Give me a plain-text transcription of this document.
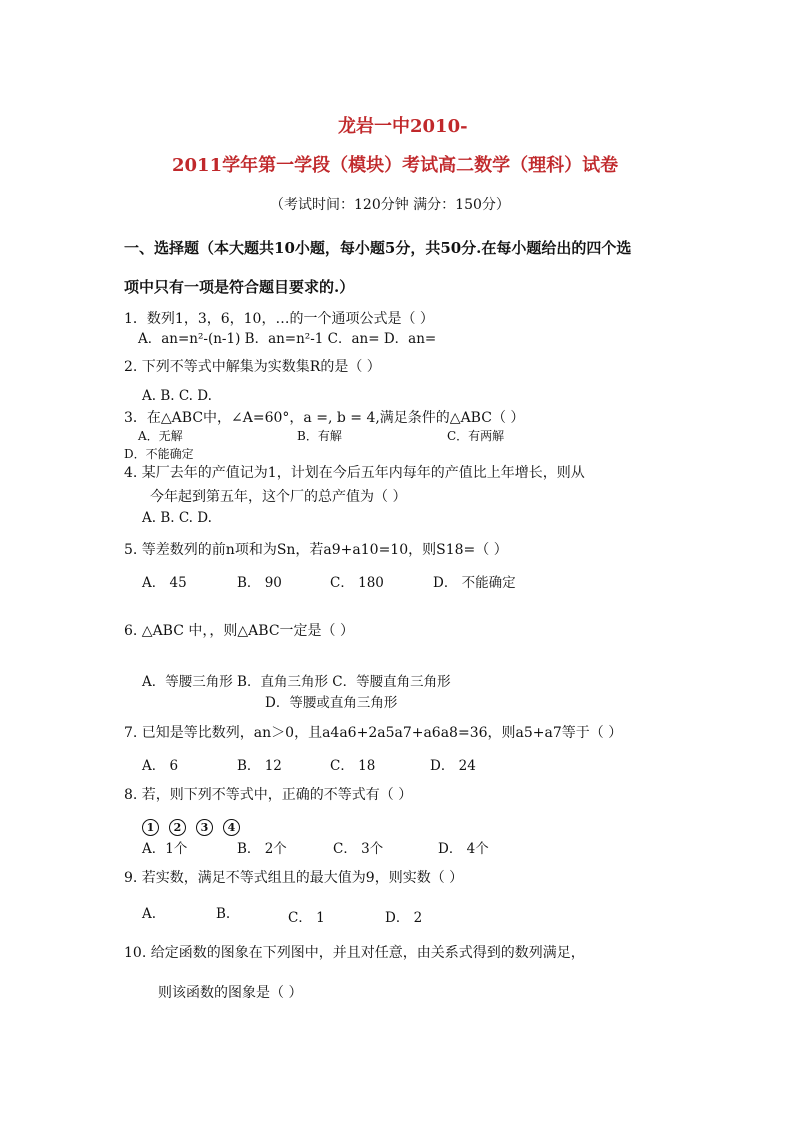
龙岩一中2010-
2011学年第一学段（模块）考试高二数学（理科）试卷
（考试时间：120分钟 满分：150分）
一、选择题（本大题共10小题，每小题5分，共50分.在每小题给出的四个选
项中只有一项是符合题目要求的.）
1．数列1，3，6，10，…的一个通项公式是（ ）
A．an=n²-(n-1) B．an=n²-1 C．an= D．an=
2. 下列不等式中解集为实数集R的是（ ）
A. B. C. D.
3．在△ABC中，∠A=60°，a =, b = 4,满足条件的△ABC（ ）
A．无解	B．有解	C．有两解
D．不能确定
4. 某厂去年的产值记为1，计划在今后五年内每年的产值比上年增长，则从
今年起到第五年，这个厂的总产值为（ ）
A. B. C. D.
5. 等差数列的前n项和为Sn，若a9+a10=10，则S18=（ ）
A． 45	B． 90	C． 180	D． 不能确定
6. △ABC 中，，则△ABC一定是（ ）
A．等腰三角形 B．直角三角形 C．等腰直角三角形
D．等腰或直角三角形
7. 已知是等比数列，an＞0，且a4a6+2a5a7+a6a8=36，则a5+a7等于（ ）
A． 6	B． 12	C． 18	D． 24
8. 若，则下列不等式中，正确的不等式有（ ）
1 2 3 4
A．1个	B． 2个	C． 3个	D． 4个
9. 若实数，满足不等式组且的最大值为9，则实数（ ）
A.	B.	C． 1	D． 2
10. 给定函数的图象在下列图中，并且对任意，由关系式得到的数列满足，
则该函数的图象是（ ）
